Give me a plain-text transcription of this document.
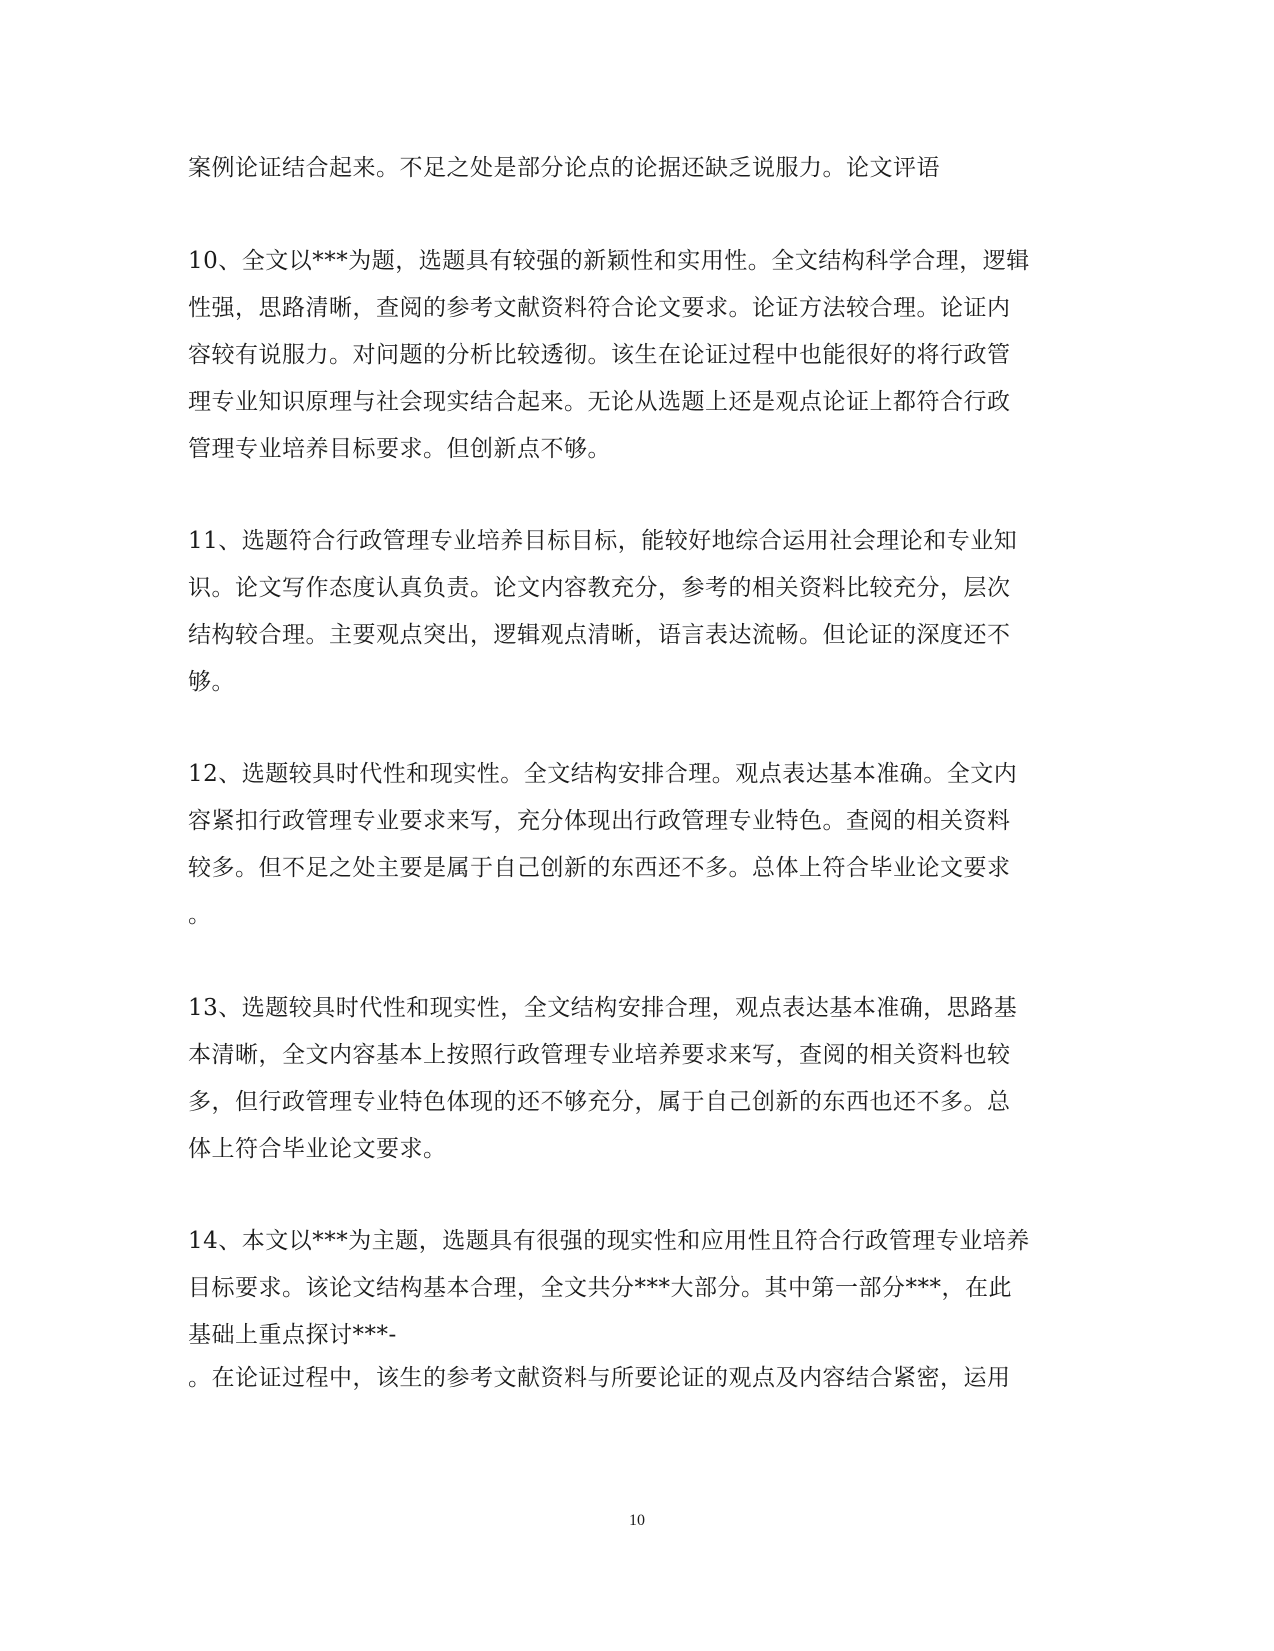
案例论证结合起来。不足之处是部分论点的论据还缺乏说服力。论文评语
10、全文以***为题，选题具有较强的新颖性和实用性。全文结构科学合理，逻辑
性强，思路清晰，查阅的参考文献资料符合论文要求。论证方法较合理。论证内
容较有说服力。对问题的分析比较透彻。该生在论证过程中也能很好的将行政管
理专业知识原理与社会现实结合起来。无论从选题上还是观点论证上都符合行政
管理专业培养目标要求。但创新点不够。
11、选题符合行政管理专业培养目标目标，能较好地综合运用社会理论和专业知
识。论文写作态度认真负责。论文内容教充分，参考的相关资料比较充分，层次
结构较合理。主要观点突出，逻辑观点清晰，语言表达流畅。但论证的深度还不
够。
12、选题较具时代性和现实性。全文结构安排合理。观点表达基本准确。全文内
容紧扣行政管理专业要求来写，充分体现出行政管理专业特色。查阅的相关资料
较多。但不足之处主要是属于自己创新的东西还不多。总体上符合毕业论文要求
。
13、选题较具时代性和现实性，全文结构安排合理，观点表达基本准确，思路基
本清晰，全文内容基本上按照行政管理专业培养要求来写，查阅的相关资料也较
多，但行政管理专业特色体现的还不够充分，属于自己创新的东西也还不多。总
体上符合毕业论文要求。
14、本文以***为主题，选题具有很强的现实性和应用性且符合行政管理专业培养
目标要求。该论文结构基本合理，全文共分***大部分。其中第一部分***，在此
基础上重点探讨***-
。在论证过程中，该生的参考文献资料与所要论证的观点及内容结合紧密，运用
10
